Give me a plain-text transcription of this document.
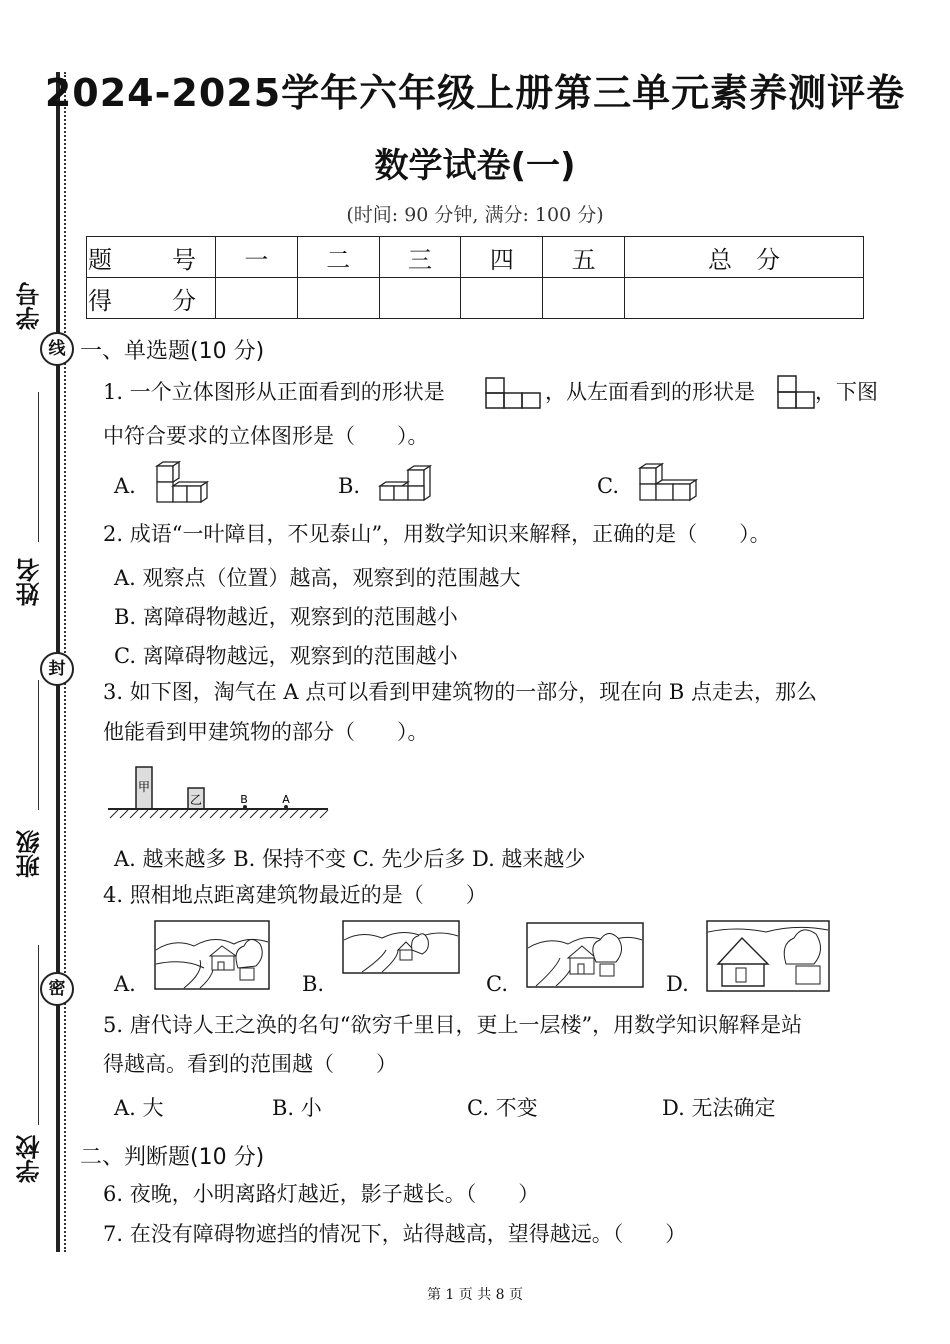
学号
姓名
班级
学校
线
封
密
2024-2025学年六年级上册第三单元素养测评卷
数学试卷(一)
(时间: 90 分钟, 满分: 100 分)
题　号	一	二	三	四	五	总　分
得　分						
一、单选题(10 分)
1. 一个立体图形从正面看到的形状是	，从左面看到的形状是	，下图
中符合要求的立体图形是（　　）。
A.	B.	C.
2. 成语“一叶障目，不见泰山”，用数学知识来解释，正确的是（　　）。
A. 观察点（位置）越高，观察到的范围越大
B. 离障碍物越近，观察到的范围越小
C. 离障碍物越远，观察到的范围越小
3. 如下图，淘气在 A 点可以看到甲建筑物的一部分，现在向 B 点走去，那么
他能看到甲建筑物的部分（　　）。
甲
乙	B	A
A. 越来越多 B. 保持不变 C. 先少后多 D. 越来越少
4. 照相地点距离建筑物最近的是（　　）
A.	B.	C.	D.
5. 唐代诗人王之涣的名句“欲穷千里目，更上一层楼”，用数学知识解释是站
得越高。看到的范围越（　　）
A. 大	B. 小	C. 不变	D. 无法确定
二、判断题(10 分)
6. 夜晚，小明离路灯越近，影子越长。（　　）
7. 在没有障碍物遮挡的情况下，站得越高，望得越远。（　　）
第 1 页 共 8 页
